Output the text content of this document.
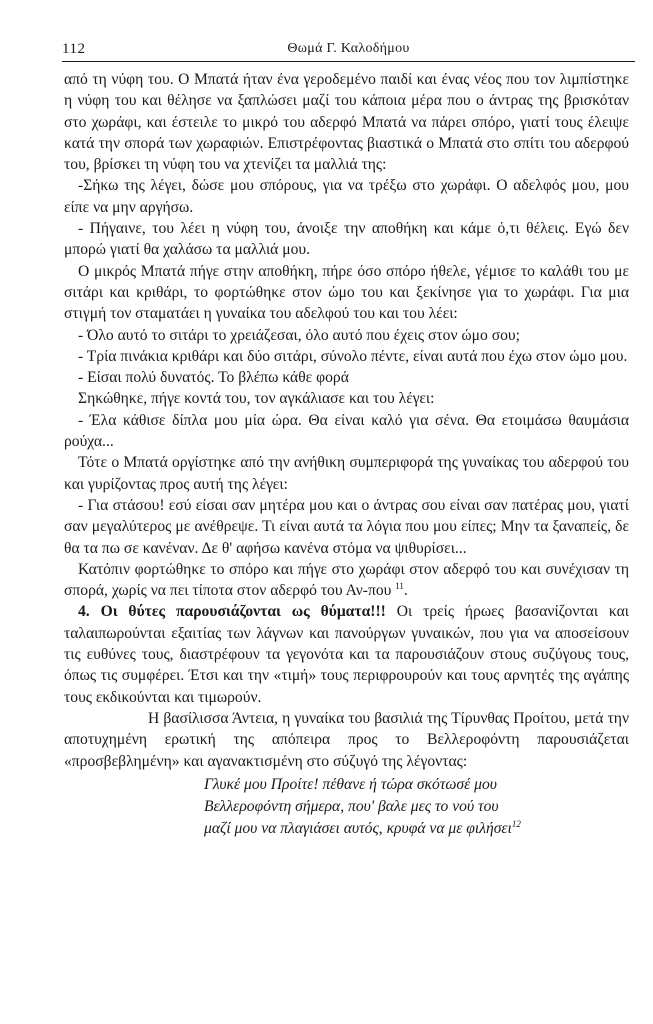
112	Θωμά Γ. Καλοδήμου

από τη νύφη του. Ο Μπατά ήταν ένα γεροδεμένο παιδί και ένας νέος που τον λιμπίστηκε η νύφη του και θέλησε να ξαπλώσει μαζί του κάποια μέρα που ο άντρας της βρισκόταν στο χωράφι, και έστειλε το μικρό του αδερφό Μπατά να πάρει σπόρο, γιατί τους έλειψε κατά την σπορά των χωραφιών. Επιστρέφοντας βιαστικά ο Μπατά στο σπίτι του αδερφού του, βρίσκει τη νύφη του να χτενίζει τα μαλλιά της:

-Σήκω της λέγει, δώσε μου σπόρους, για να τρέξω στο χωράφι. Ο αδελφός μου, μου είπε να μην αργήσω.

- Πήγαινε, του λέει η νύφη του, άνοιξε την αποθήκη και κάμε ό,τι θέλεις. Εγώ δεν μπορώ γιατί θα χαλάσω τα μαλλιά μου.

Ο μικρός Μπατά πήγε στην αποθήκη, πήρε όσο σπόρο ήθελε, γέμισε το καλάθι του με σιτάρι και κριθάρι, το φορτώθηκε στον ώμο του και ξεκίνησε για το χωράφι. Για μια στιγμή τον σταματάει η γυναίκα του αδελφού του και του λέει:

- Όλο αυτό το σιτάρι το χρειάζεσαι, όλο αυτό που έχεις στον ώμο σου;

- Τρία πινάκια κριθάρι και δύο σιτάρι, σύνολο πέντε, είναι αυτά που έχω στον ώμο μου.

- Είσαι πολύ δυνατός. Το βλέπω κάθε φορά

Σηκώθηκε, πήγε κοντά του, τον αγκάλιασε και του λέγει:

- Έλα κάθισε δίπλα μου μία ώρα. Θα είναι καλό για σένα. Θα ετοιμάσω θαυμάσια ρούχα...

Τότε ο Μπατά οργίστηκε από την ανήθικη συμπεριφορά της γυναίκας του αδερφού του και γυρίζοντας προς αυτή της λέγει:

- Για στάσου! εσύ είσαι σαν μητέρα μου και ο άντρας σου είναι σαν πατέρας μου, γιατί σαν μεγαλύτερος με ανέθρεψε. Τι είναι αυτά τα λόγια που μου είπες; Μην τα ξαναπείς, δε θα τα πω σε κανέναν. Δε θ' αφήσω κανένα στόμα να ψιθυρίσει...

Κατόπιν φορτώθηκε το σπόρο και πήγε στο χωράφι στον αδερφό του και συνέχισαν τη σπορά, χωρίς να πει τίποτα στον αδερφό του Αν-που $^{11}$.

4. Οι θύτες παρουσιάζονται ως θύματα!!! Οι τρείς ήρωες βασανίζονται και ταλαιπωρούνται εξαιτίας των λάγνων και πανούργων γυναικών, που για να αποσείσουν τις ευθύνες τους, διαστρέφουν τα γεγονότα και τα παρουσιάζουν στους συζύγους τους, όπως τις συμφέρει. Έτσι και την «τιμή» τους περιφρουρούν και τους αρνητές της αγάπης τους εκδικούνται και τιμωρούν.

Η βασίλισσα Άντεια, η γυναίκα του βασιλιά της Τίρυνθας Προίτου, μετά την αποτυχημένη ερωτική της απόπειρα προς το Βελλεροφόντη παρουσιάζεται «προσβεβλημένη» και αγανακτισμένη στο σύζυγό της λέγοντας:

Γλυκέ μου Προίτε! πέθανε ή τώρα σκότωσέ μου
Βελλεροφόντη σήμερα, που' βαλε μες το νού του
μαζί μου να πλαγιάσει αυτός, κρυφά να με φιλήσει$^{12}$
